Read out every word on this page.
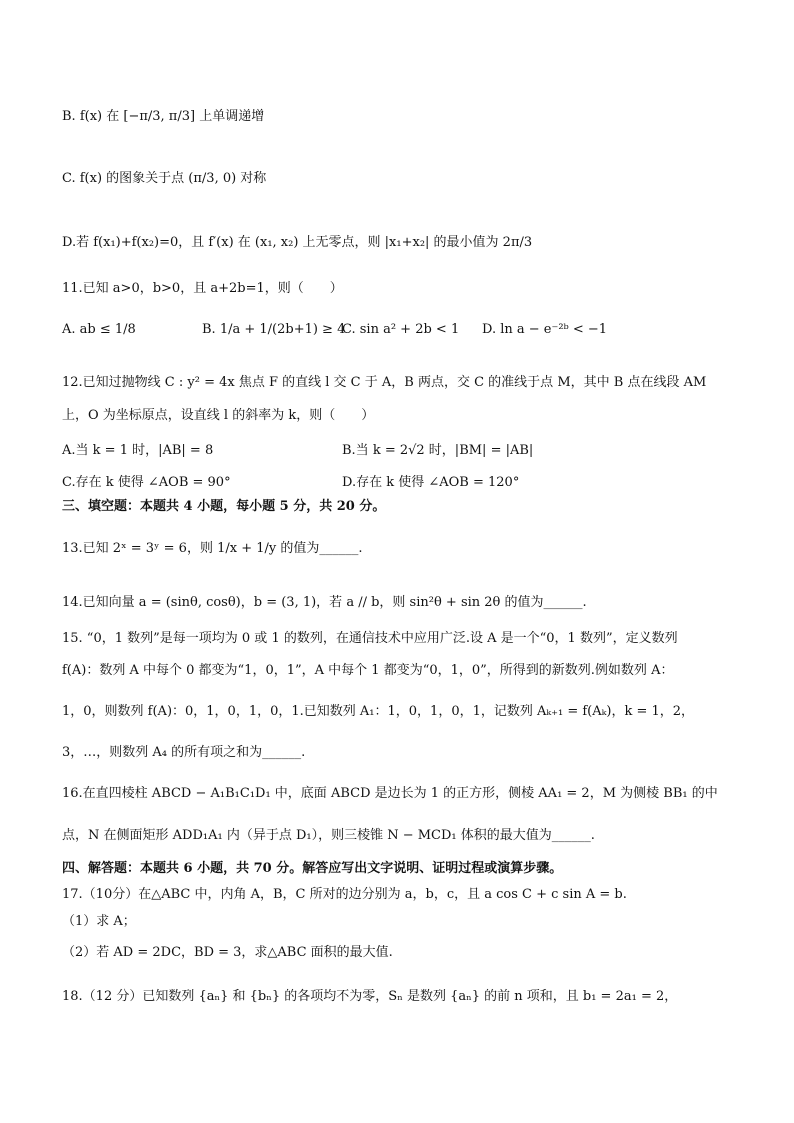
B. f(x) 在 [−π/3, π/3] 上单调递增
C. f(x) 的图象关于点 (π/3, 0) 对称
D.若 f(x₁)+f(x₂)=0，且 f′(x) 在 (x₁, x₂) 上无零点，则 |x₁+x₂| 的最小值为 2π/3
11.已知 a>0，b>0，且 a+2b=1，则（　　）
A. ab ≤ 1/8	B. 1/a + 1/(2b+1) ≥ 4
C. sin a² + 2b < 1 D. ln a − e⁻²ᵇ < −1
12.已知过抛物线 C : y² = 4x 焦点 F 的直线 l 交 C 于 A，B 两点，交 C 的准线于点 M，其中 B 点在线段 AM
上，O 为坐标原点，设直线 l 的斜率为 k，则（　　）
A.当 k = 1 时，|AB| = 8	B.当 k = 2√2 时，|BM| = |AB|
C.存在 k 使得 ∠AOB = 90°	D.存在 k 使得 ∠AOB = 120°
三、填空题：本题共 4 小题，每小题 5 分，共 20 分。
13.已知 2ˣ = 3ʸ = 6，则 1/x + 1/y 的值为______.
14.已知向量 a = (sinθ, cosθ)，b = (3, 1)，若 a // b，则 sin²θ + sin 2θ 的值为______.
15. “0，1 数列”是每一项均为 0 或 1 的数列，在通信技术中应用广泛.设 A 是一个“0，1 数列”，定义数列
f(A)：数列 A 中每个 0 都变为“1，0，1”，A 中每个 1 都变为“0，1，0”，所得到的新数列.例如数列 A：
1，0，则数列 f(A)：0，1，0，1，0，1.已知数列 A₁：1，0，1，0，1，记数列 Aₖ₊₁ = f(Aₖ)，k = 1，2，
3，…，则数列 A₄ 的所有项之和为______.
16.在直四棱柱 ABCD − A₁B₁C₁D₁ 中，底面 ABCD 是边长为 1 的正方形，侧棱 AA₁ = 2，M 为侧棱 BB₁ 的中
点，N 在侧面矩形 ADD₁A₁ 内（异于点 D₁），则三棱锥 N − MCD₁ 体积的最大值为______.
四、解答题：本题共 6 小题，共 70 分。解答应写出文字说明、证明过程或演算步骤。
17.（10分）在△ABC 中，内角 A，B，C 所对的边分别为 a，b，c，且 a cos C + c sin A = b.
（1）求 A；
（2）若 AD = 2DC，BD = 3，求△ABC 面积的最大值.
18.（12 分）已知数列 {aₙ} 和 {bₙ} 的各项均不为零，Sₙ 是数列 {aₙ} 的前 n 项和，且 b₁ = 2a₁ = 2，
